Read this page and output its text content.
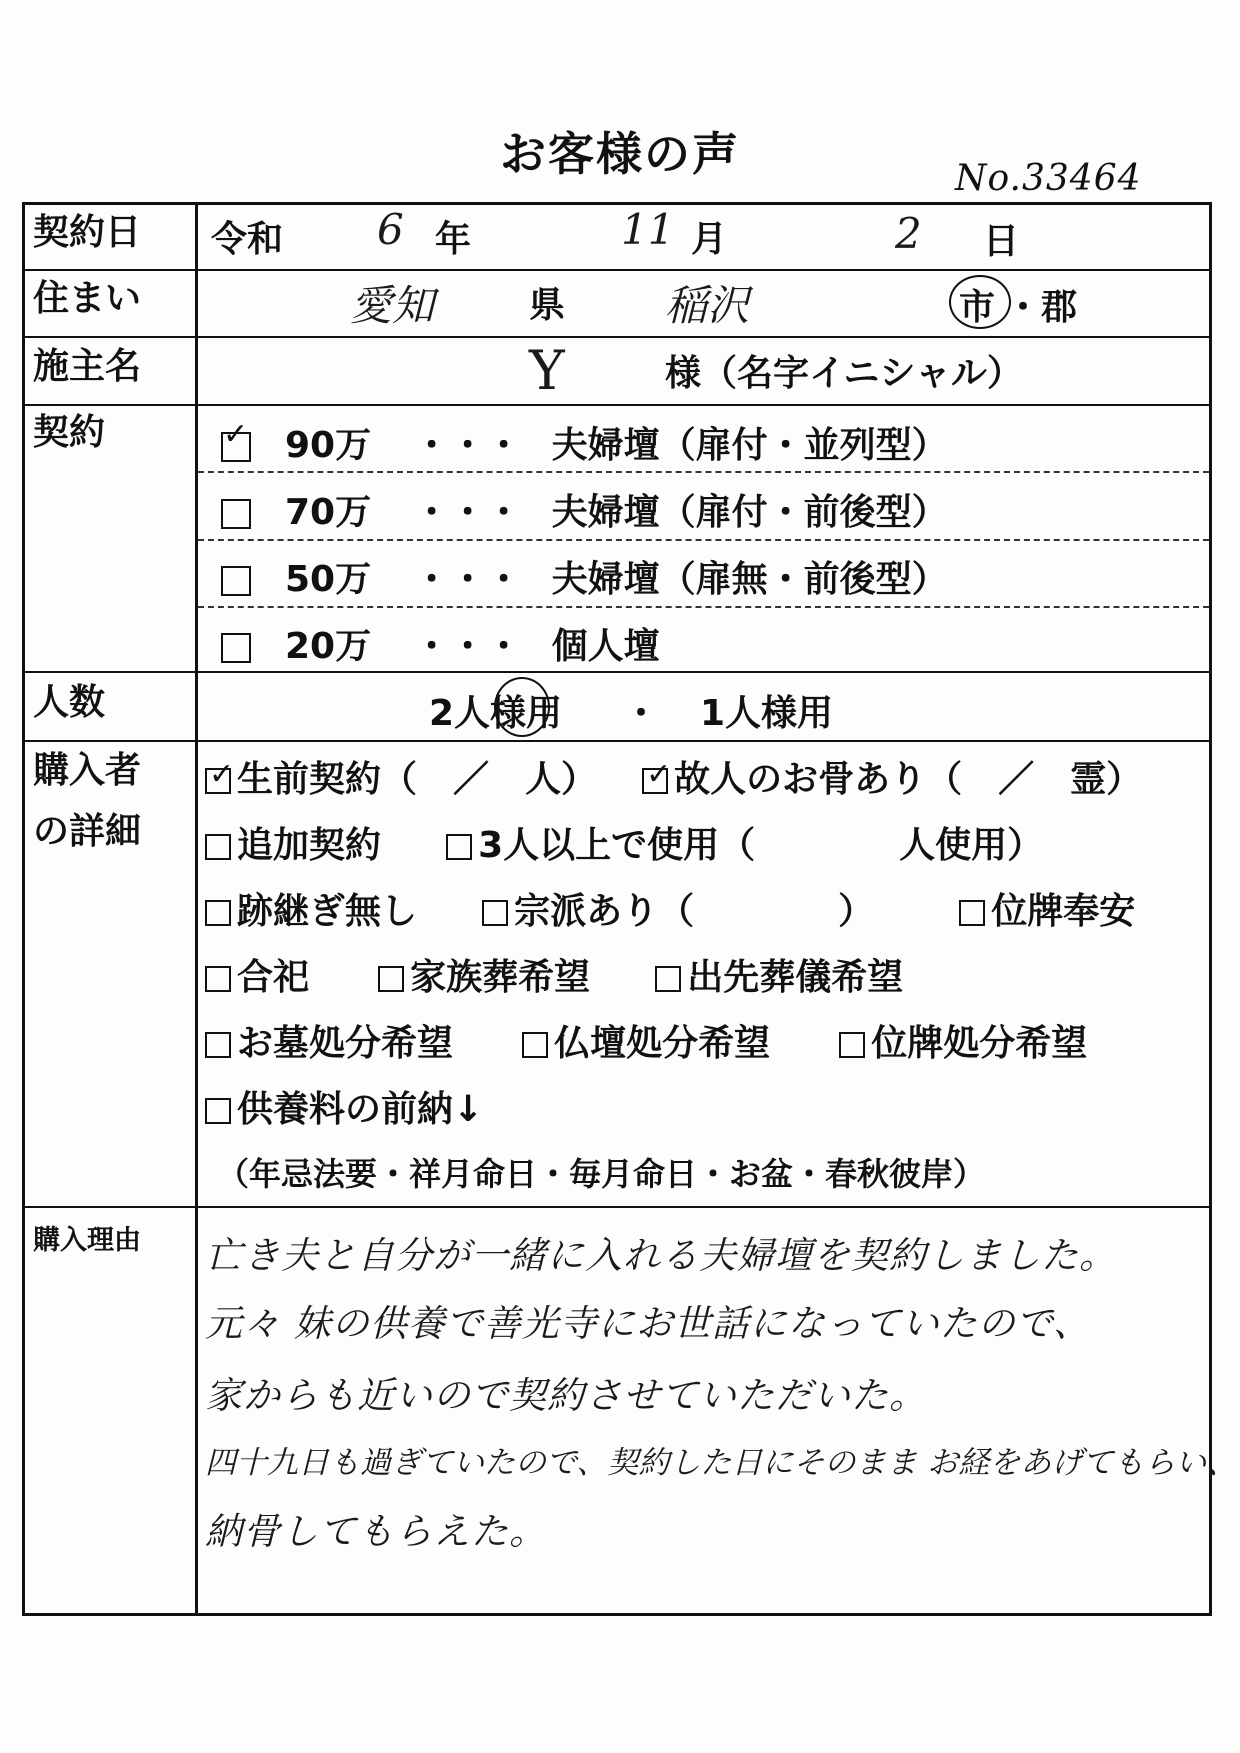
お客様の声	No.33464
契約日 令和 6 年	11 月	2 日
住まい	愛知	県 稲沢	市 ・ 郡
施主名	Y	様（名字イニシャル）
契約	✓ 90万 ・・・ 夫婦壇（扉付・並列型）
70万 ・・・ 夫婦壇（扉付・前後型）
50万 ・・・ 夫婦壇（扉無・前後型）
20万 ・・・ 個人壇
人数	2人様用 ・ 1人様用
購入者
の詳細
✓ 生前契約（　／　人） ✓ 故人のお骨あり（　／　霊）
追加契約	3人以上で使用（　　　　人使用）
跡継ぎ無し	宗派あり（　　　　）	位牌奉安
合祀	家族葬希望	出先葬儀希望
お墓処分希望	仏壇処分希望	位牌処分希望
供養料の前納↓
（年忌法要・祥月命日・毎月命日・お盆・春秋彼岸）
購入理由 亡き夫と自分が一緒に入れる夫婦壇を契約しました。
元々 妹の供養で善光寺にお世話になっていたので、
家からも近いので契約させていただいた。
四十九日も過ぎていたので、契約した日にそのまま お経をあげてもらい、
納骨してもらえた。
